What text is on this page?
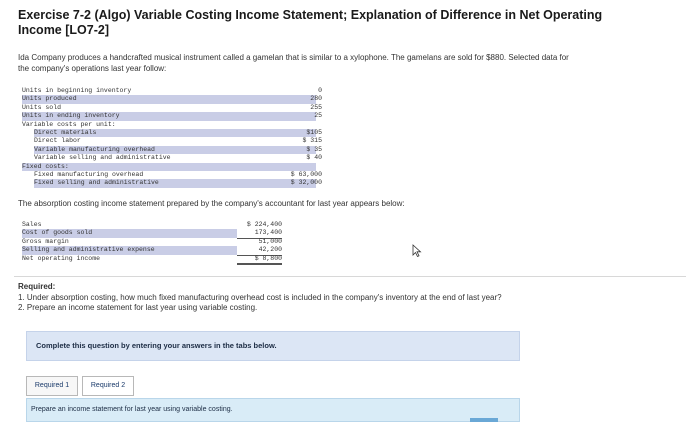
Exercise 7-2 (Algo) Variable Costing Income Statement; Explanation of Difference in Net Operating Income [LO7-2]
Ida Company produces a handcrafted musical instrument called a gamelan that is similar to a xylophone. The gamelans are sold for $880. Selected data for the company's operations last year follow:
Units in beginning inventory	0
Units produced	280
Units sold	255
Units in ending inventory	25
Variable costs per unit:
Direct materials	$105
Direct labor	$ 315
Variable manufacturing overhead	$ 35
Variable selling and administrative	$ 40
Fixed costs:
Fixed manufacturing overhead	$ 63,000
Fixed selling and administrative	$ 32,000
The absorption costing income statement prepared by the company's accountant for last year appears below:
Sales	$ 224,400
Cost of goods sold	173,400
Gross margin	51,000
Selling and administrative expense	42,200
Net operating income	$ 8,800
Required:
1. Under absorption costing, how much fixed manufacturing overhead cost is included in the company's inventory at the end of last year?
2. Prepare an income statement for last year using variable costing.
Complete this question by entering your answers in the tabs below.
Required 1	Required 2
Prepare an income statement for last year using variable costing.
